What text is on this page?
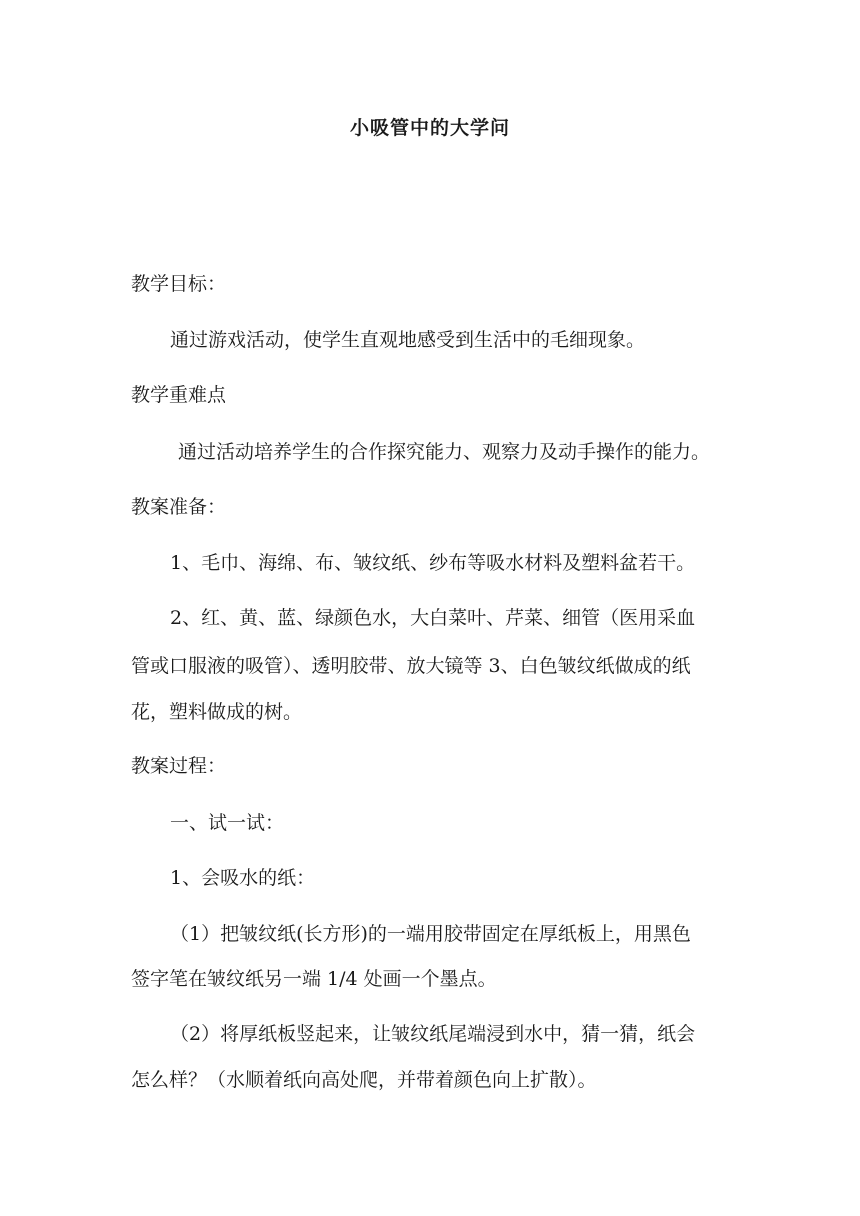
小吸管中的大学问
教学目标：
通过游戏活动，使学生直观地感受到生活中的毛细现象。
教学重难点
通过活动培养学生的合作探究能力、观察力及动手操作的能力。
教案准备：
1、毛巾、海绵、布、皱纹纸、纱布等吸水材料及塑料盆若干。
2、红、黄、蓝、绿颜色水，大白菜叶、芹菜、细管（医用采血
管或口服液的吸管）、透明胶带、放大镜等 3、白色皱纹纸做成的纸
花，塑料做成的树。
教案过程：
一、试一试：
1、会吸水的纸：
（1）把皱纹纸(长方形)的一端用胶带固定在厚纸板上，用黑色
签字笔在皱纹纸另一端 1/4 处画一个墨点。
（2）将厚纸板竖起来，让皱纹纸尾端浸到水中，猜一猜，纸会
怎么样？（水顺着纸向高处爬，并带着颜色向上扩散）。
